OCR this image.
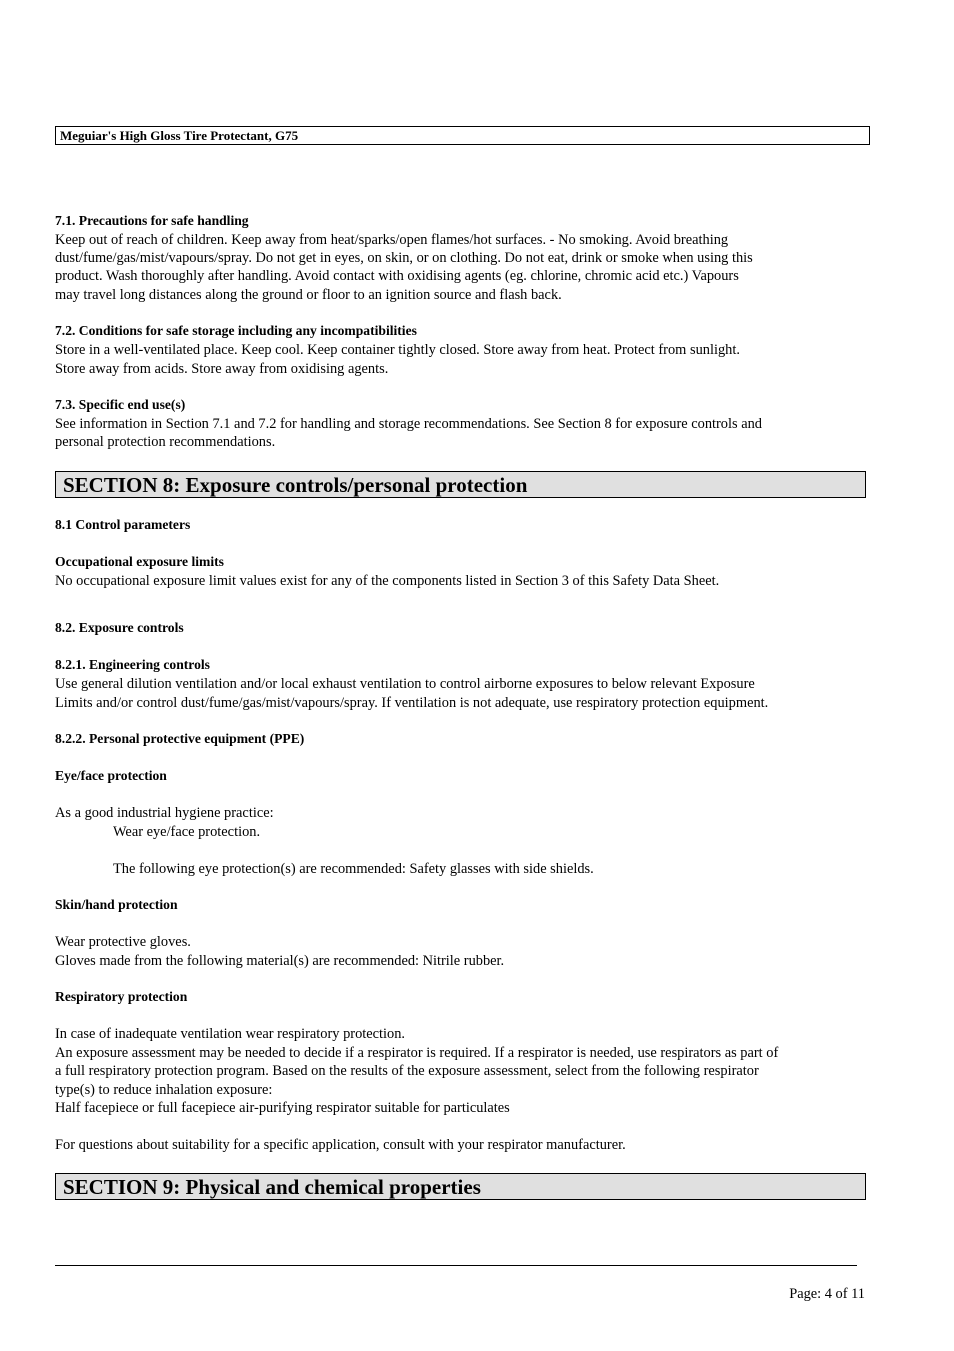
Meguiar's High Gloss Tire Protectant, G75

7.1. Precautions for safe handling

Keep out of reach of children. Keep away from heat/sparks/open flames/hot surfaces. - No smoking. Avoid breathing

dust/fume/gas/mist/vapours/spray. Do not get in eyes, on skin, or on clothing. Do not eat, drink or smoke when using this

product. Wash thoroughly after handling. Avoid contact with oxidising agents (eg. chlorine, chromic acid etc.) Vapours

may travel long distances along the ground or floor to an ignition source and flash back.

7.2. Conditions for safe storage including any incompatibilities

Store in a well-ventilated place. Keep cool. Keep container tightly closed. Store away from heat. Protect from sunlight.

Store away from acids. Store away from oxidising agents.

7.3. Specific end use(s)

See information in Section 7.1 and 7.2 for handling and storage recommendations. See Section 8 for exposure controls and

personal protection recommendations.

SECTION 8: Exposure controls/personal protection

8.1 Control parameters

Occupational exposure limits

No occupational exposure limit values exist for any of the components listed in Section 3 of this Safety Data Sheet.

8.2. Exposure controls

8.2.1. Engineering controls

Use general dilution ventilation and/or local exhaust ventilation to control airborne exposures to below relevant Exposure

Limits and/or control dust/fume/gas/mist/vapours/spray. If ventilation is not adequate, use respiratory protection equipment.

8.2.2. Personal protective equipment (PPE)

Eye/face protection

As a good industrial hygiene practice:

Wear eye/face protection.

The following eye protection(s) are recommended: Safety glasses with side shields.

Skin/hand protection

Wear protective gloves.

Gloves made from the following material(s) are recommended: Nitrile rubber.

Respiratory protection

In case of inadequate ventilation wear respiratory protection.

An exposure assessment may be needed to decide if a respirator is required. If a respirator is needed, use respirators as part of

a full respiratory protection program. Based on the results of the exposure assessment, select from the following respirator

type(s) to reduce inhalation exposure:

Half facepiece or full facepiece air-purifying respirator suitable for particulates

For questions about suitability for a specific application, consult with your respirator manufacturer.

SECTION 9: Physical and chemical properties
Page: 4 of 11
